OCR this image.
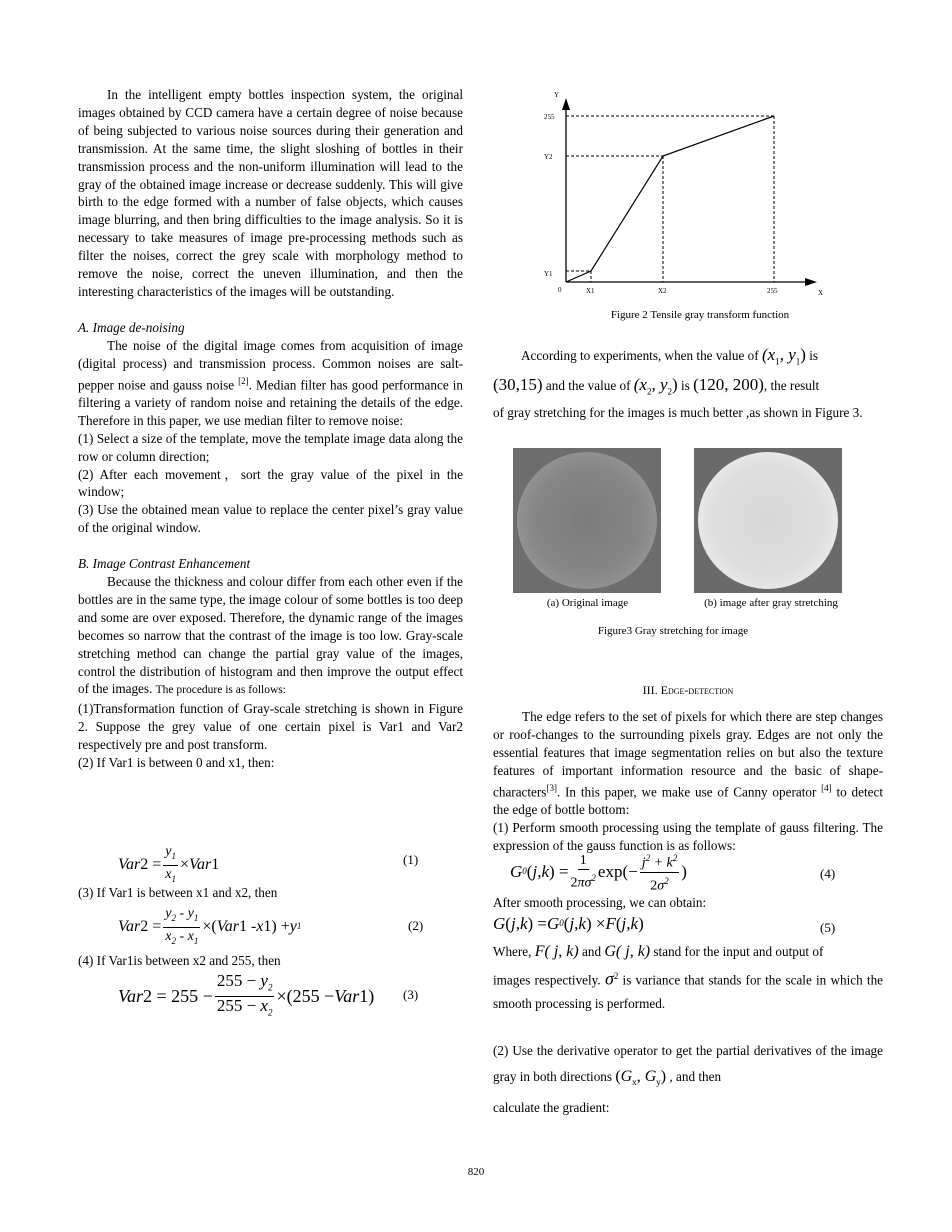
In the intelligent empty bottles inspection system, the original images obtained by CCD camera have a certain degree of noise because of being subjected to various noise sources during their generation and transmission. At the same time, the slight sloshing of bottles in their transmission process and the non-uniform illumination will lead to the gray of the obtained image increase or decrease suddenly. This will give birth to the edge formed with a number of false objects, which causes image blurring, and then bring difficulties to the image analysis. So it is necessary to take measures of image pre-processing methods such as filter the noises, correct the grey scale with morphology method to remove the noise, correct the uneven illumination, and then the interesting characteristics of the images will be outstanding.

A. Image de-noising

The noise of the digital image comes from acquisition of image (digital process) and transmission process. Common noises are salt-pepper noise and gauss noise [2]. Median filter has good performance in filtering a variety of random noise and retaining the details of the edge. Therefore in this paper, we use median filter to remove noise:

(1) Select a size of the template, move the template image data along the row or column direction;

(2) After each movement，sort the gray value of the pixel in the window;

(3) Use the obtained mean value to replace the center pixel’s gray value of the original window.

B. Image Contrast Enhancement

Because the thickness and colour differ from each other even if the bottles are in the same type, the image colour of some bottles is too deep and some are over exposed. Therefore, the dynamic range of the images becomes so narrow that the contrast of the image is too low. Gray-scale stretching method can change the partial gray value of the images, control the distribution of histogram and then improve the output effect of the images. The procedure is as follows:

(1)Transformation function of Gray-scale stretching is shown in Figure 2. Suppose the grey value of one certain pixel is Var1 and Var2 respectively pre and post transform.

(2) If Var1 is between 0 and x1, then:

Var $2 = \frac{y_1}{x_1}$ × Var 1	(1)
(3) If Var1 is between x1 and x2, then
Var $2 = \frac{y_2 - y_1}{x_2 - x_1}$ ×( Var 1 - x 1) + y 1	(2)
(4) If Var1is between x2 and 255, then
Var $2 = 255 - \frac{255 - y_2}{255 - x_2} \times(255$ − Var 1) (3)
Y
Y1
Y2
255
0	X1	X2	255	X
Figure 2 Tensile gray transform function
According to experiments, when the value of ($x_1$, $y_1$) is
(30,15) and the value of ($x_2$, $y_2$) is (120, 200), the result
of gray stretching for the images is much better ,as shown in Figure 3.
(a) Original image	(b) image after gray stretching
Figure3 Gray stretching for image
III. Edge-detection

The edge refers to the set of pixels for which there are step changes or roof-changes to the surrounding pixels gray. Edges are not only the essential features that image segmentation relies on but also the texture features of important information resource and the basic of shape-characters[3]. In this paper, we make use of Canny operator [4] to detect the edge of bottle bottom:

(1) Perform smooth processing using the template of gauss filtering. The expression of the gauss function is as follows:

G 0 ( j , k ) = $\frac{1}{2\pi\sigma^2} \exp(- \frac{j^2 + k^2}{2\sigma^2}$ )	(4)
After smooth processing, we can obtain:
G ( j , k ) = G 0 ( j , k ) × F ( j , k )	(5)
Where, F( j, k) and G( j, k) stand for the input and output of
images respectively. $\sigma^2$ is variance that stands for the scale in which the smooth processing is performed.
(2) Use the derivative operator to get the partial derivatives of the image gray in both directions ($G_x$, $G_y$) , and then
calculate the gradient:
820
